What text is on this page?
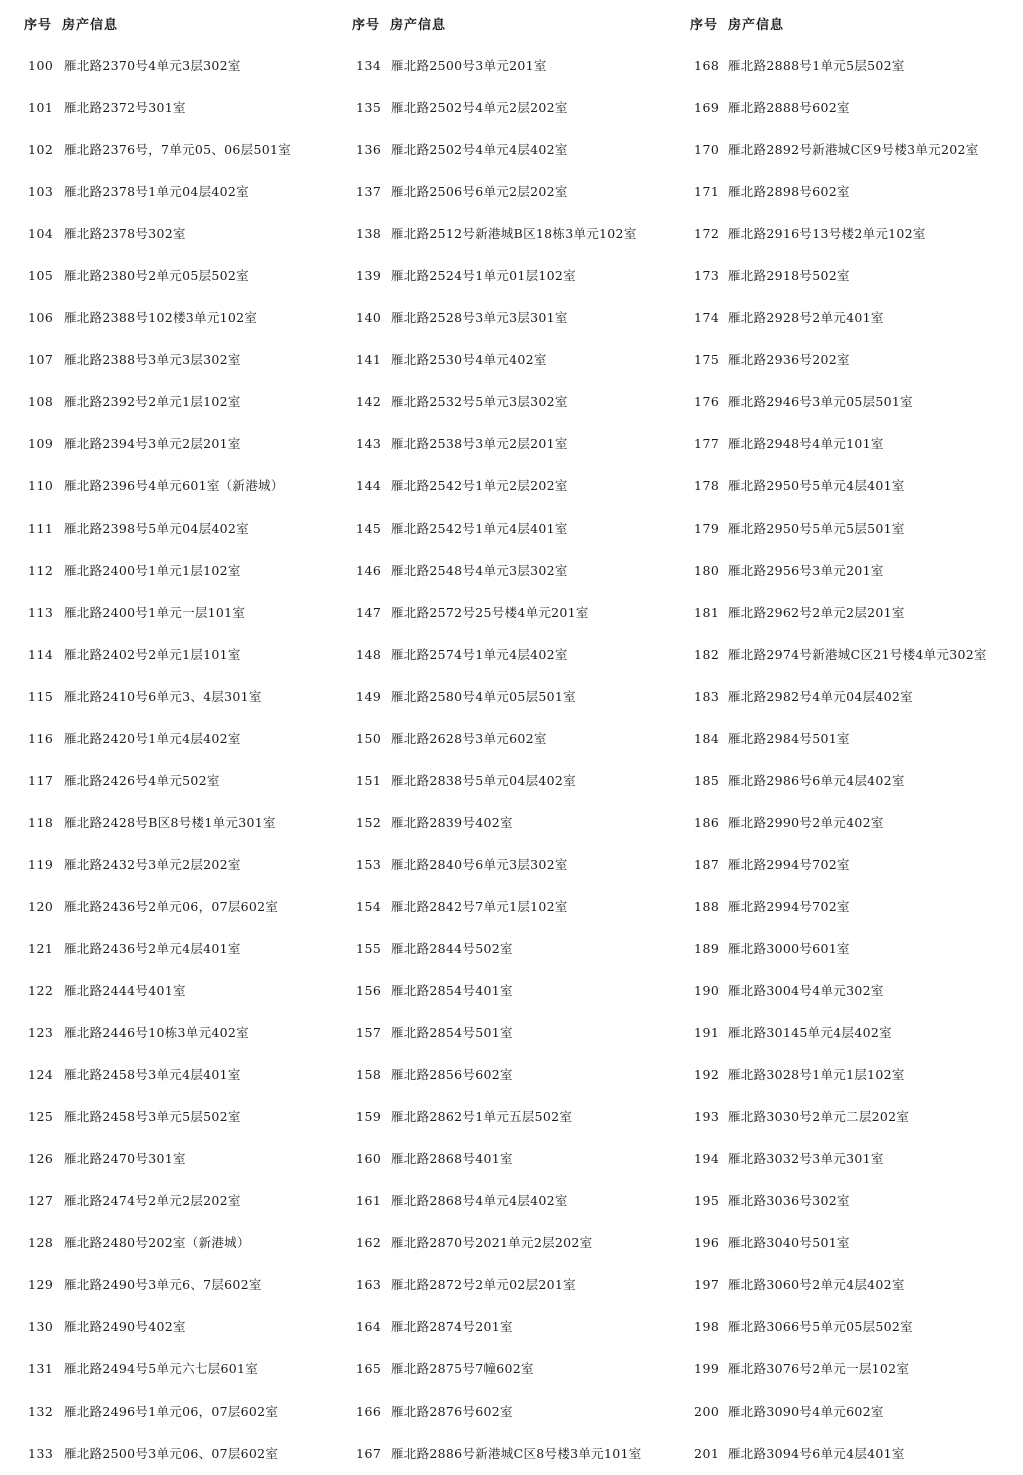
序号 房产信息
100 雁北路2370号4单元3层302室
101 雁北路2372号301室
102 雁北路2376号，7单元05、06层501室
103 雁北路2378号1单元04层402室
104 雁北路2378号302室
105 雁北路2380号2单元05层502室
106 雁北路2388号102楼3单元102室
107 雁北路2388号3单元3层302室
108 雁北路2392号2单元1层102室
109 雁北路2394号3单元2层201室
110 雁北路2396号4单元601室（新港城）
111 雁北路2398号5单元04层402室
112 雁北路2400号1单元1层102室
113 雁北路2400号1单元一层101室
114 雁北路2402号2单元1层101室
115 雁北路2410号6单元3、4层301室
116 雁北路2420号1单元4层402室
117 雁北路2426号4单元502室
118 雁北路2428号B区8号楼1单元301室
119 雁北路2432号3单元2层202室
120 雁北路2436号2单元06，07层602室
121 雁北路2436号2单元4层401室
122 雁北路2444号401室
123 雁北路2446号10栋3单元402室
124 雁北路2458号3单元4层401室
125 雁北路2458号3单元5层502室
126 雁北路2470号301室
127 雁北路2474号2单元2层202室
128 雁北路2480号202室（新港城）
129 雁北路2490号3单元6、7层602室
130 雁北路2490号402室
131 雁北路2494号5单元六七层601室
132 雁北路2496号1单元06，07层602室
133 雁北路2500号3单元06、07层602室
序号 房产信息
134 雁北路2500号3单元201室
135 雁北路2502号4单元2层202室
136 雁北路2502号4单元4层402室
137 雁北路2506号6单元2层202室
138 雁北路2512号新港城B区18栋3单元102室
139 雁北路2524号1单元01层102室
140 雁北路2528号3单元3层301室
141 雁北路2530号4单元402室
142 雁北路2532号5单元3层302室
143 雁北路2538号3单元2层201室
144 雁北路2542号1单元2层202室
145 雁北路2542号1单元4层401室
146 雁北路2548号4单元3层302室
147 雁北路2572号25号楼4单元201室
148 雁北路2574号1单元4层402室
149 雁北路2580号4单元05层501室
150 雁北路2628号3单元602室
151 雁北路2838号5单元04层402室
152 雁北路2839号402室
153 雁北路2840号6单元3层302室
154 雁北路2842号7单元1层102室
155 雁北路2844号502室
156 雁北路2854号401室
157 雁北路2854号501室
158 雁北路2856号602室
159 雁北路2862号1单元五层502室
160 雁北路2868号401室
161 雁北路2868号4单元4层402室
162 雁北路2870号2021单元2层202室
163 雁北路2872号2单元02层201室
164 雁北路2874号201室
165 雁北路2875号7幢602室
166 雁北路2876号602室
167 雁北路2886号新港城C区8号楼3单元101室
序号 房产信息
168 雁北路2888号1单元5层502室
169 雁北路2888号602室
170 雁北路2892号新港城C区9号楼3单元202室
171 雁北路2898号602室
172 雁北路2916号13号楼2单元102室
173 雁北路2918号502室
174 雁北路2928号2单元401室
175 雁北路2936号202室
176 雁北路2946号3单元05层501室
177 雁北路2948号4单元101室
178 雁北路2950号5单元4层401室
179 雁北路2950号5单元5层501室
180 雁北路2956号3单元201室
181 雁北路2962号2单元2层201室
182 雁北路2974号新港城C区21号楼4单元302室
183 雁北路2982号4单元04层402室
184 雁北路2984号501室
185 雁北路2986号6单元4层402室
186 雁北路2990号2单元402室
187 雁北路2994号702室
188 雁北路2994号702室
189 雁北路3000号601室
190 雁北路3004号4单元302室
191 雁北路30145单元4层402室
192 雁北路3028号1单元1层102室
193 雁北路3030号2单元二层202室
194 雁北路3032号3单元301室
195 雁北路3036号302室
196 雁北路3040号501室
197 雁北路3060号2单元4层402室
198 雁北路3066号5单元05层502室
199 雁北路3076号2单元一层102室
200 雁北路3090号4单元602室
201 雁北路3094号6单元4层401室
